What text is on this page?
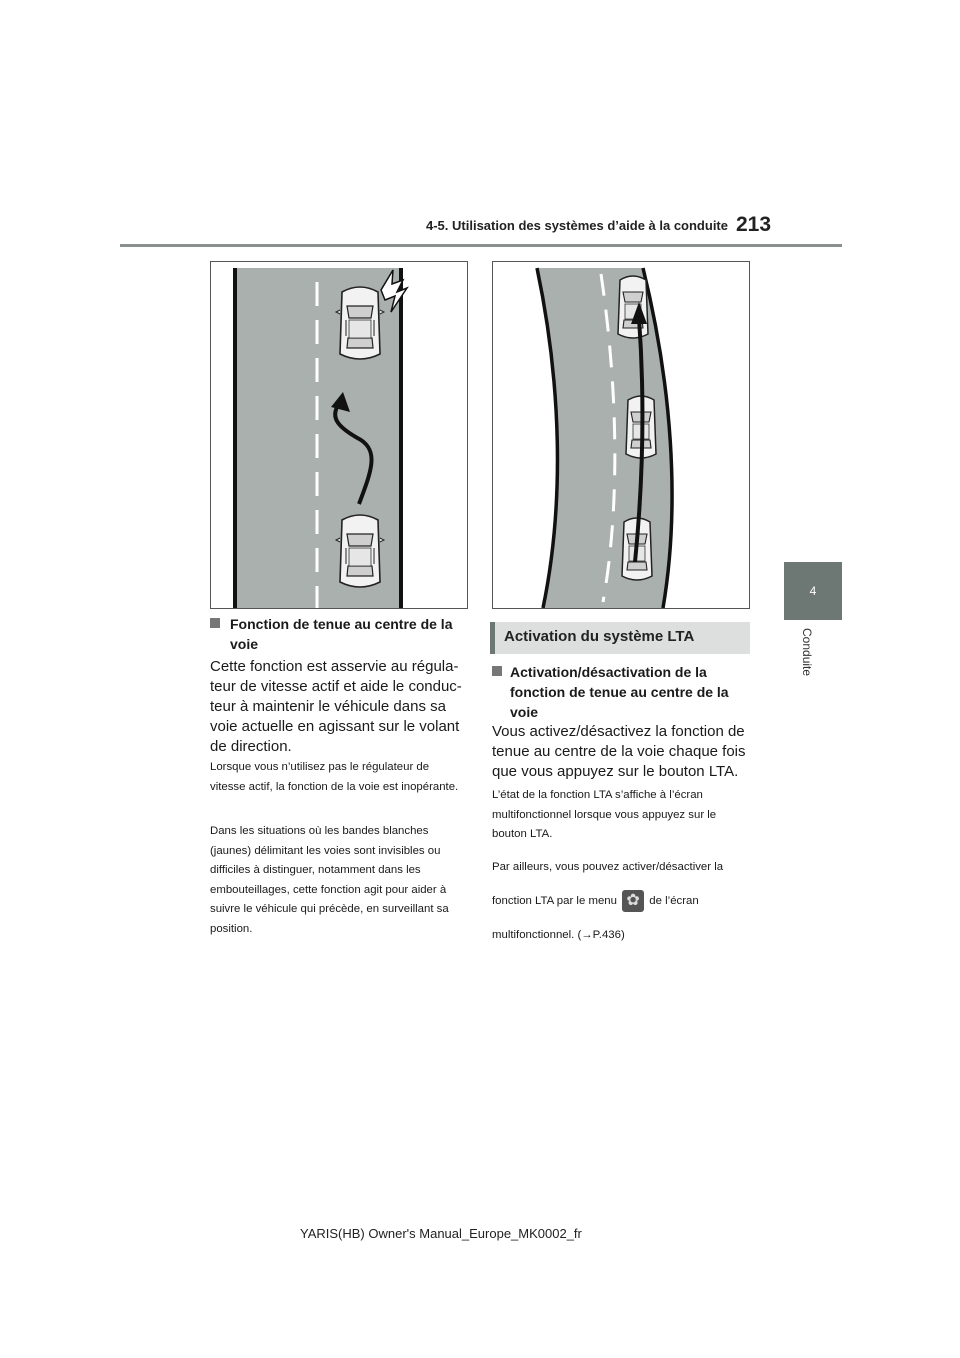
4-5. Utilisation des systèmes d’aide à la conduite 213
4
Conduite
Fonction de tenue au centre de la voie
Cette fonction est asservie au régula- teur de vitesse actif et aide le conduc- teur à maintenir le véhicule dans sa voie actuelle en agissant sur le volant de direction.
Lorsque vous n’utilisez pas le régulateur de vitesse actif, la fonction de la voie est inopérante.
Dans les situations où les bandes blanches (jaunes) délimitant les voies sont invisibles ou difficiles à distinguer, notamment dans les embouteillages, cette fonction agit pour aider à suivre le véhicule qui précède, en surveillant sa position.
Activation du système LTA
Activation/désactivation de la fonction de tenue au centre de la voie
Vous activez/désactivez la fonction de tenue au centre de la voie chaque fois que vous appuyez sur le bouton LTA.
L’état de la fonction LTA s’affiche à l’écran multifonctionnel lorsque vous appuyez sur le bouton LTA.
Par ailleurs, vous pouvez activer/désactiver la fonction LTA par le menu ✿ de l’écran multifonctionnel. (→P.436)
YARIS(HB) Owner's Manual_Europe_MK0002_fr
